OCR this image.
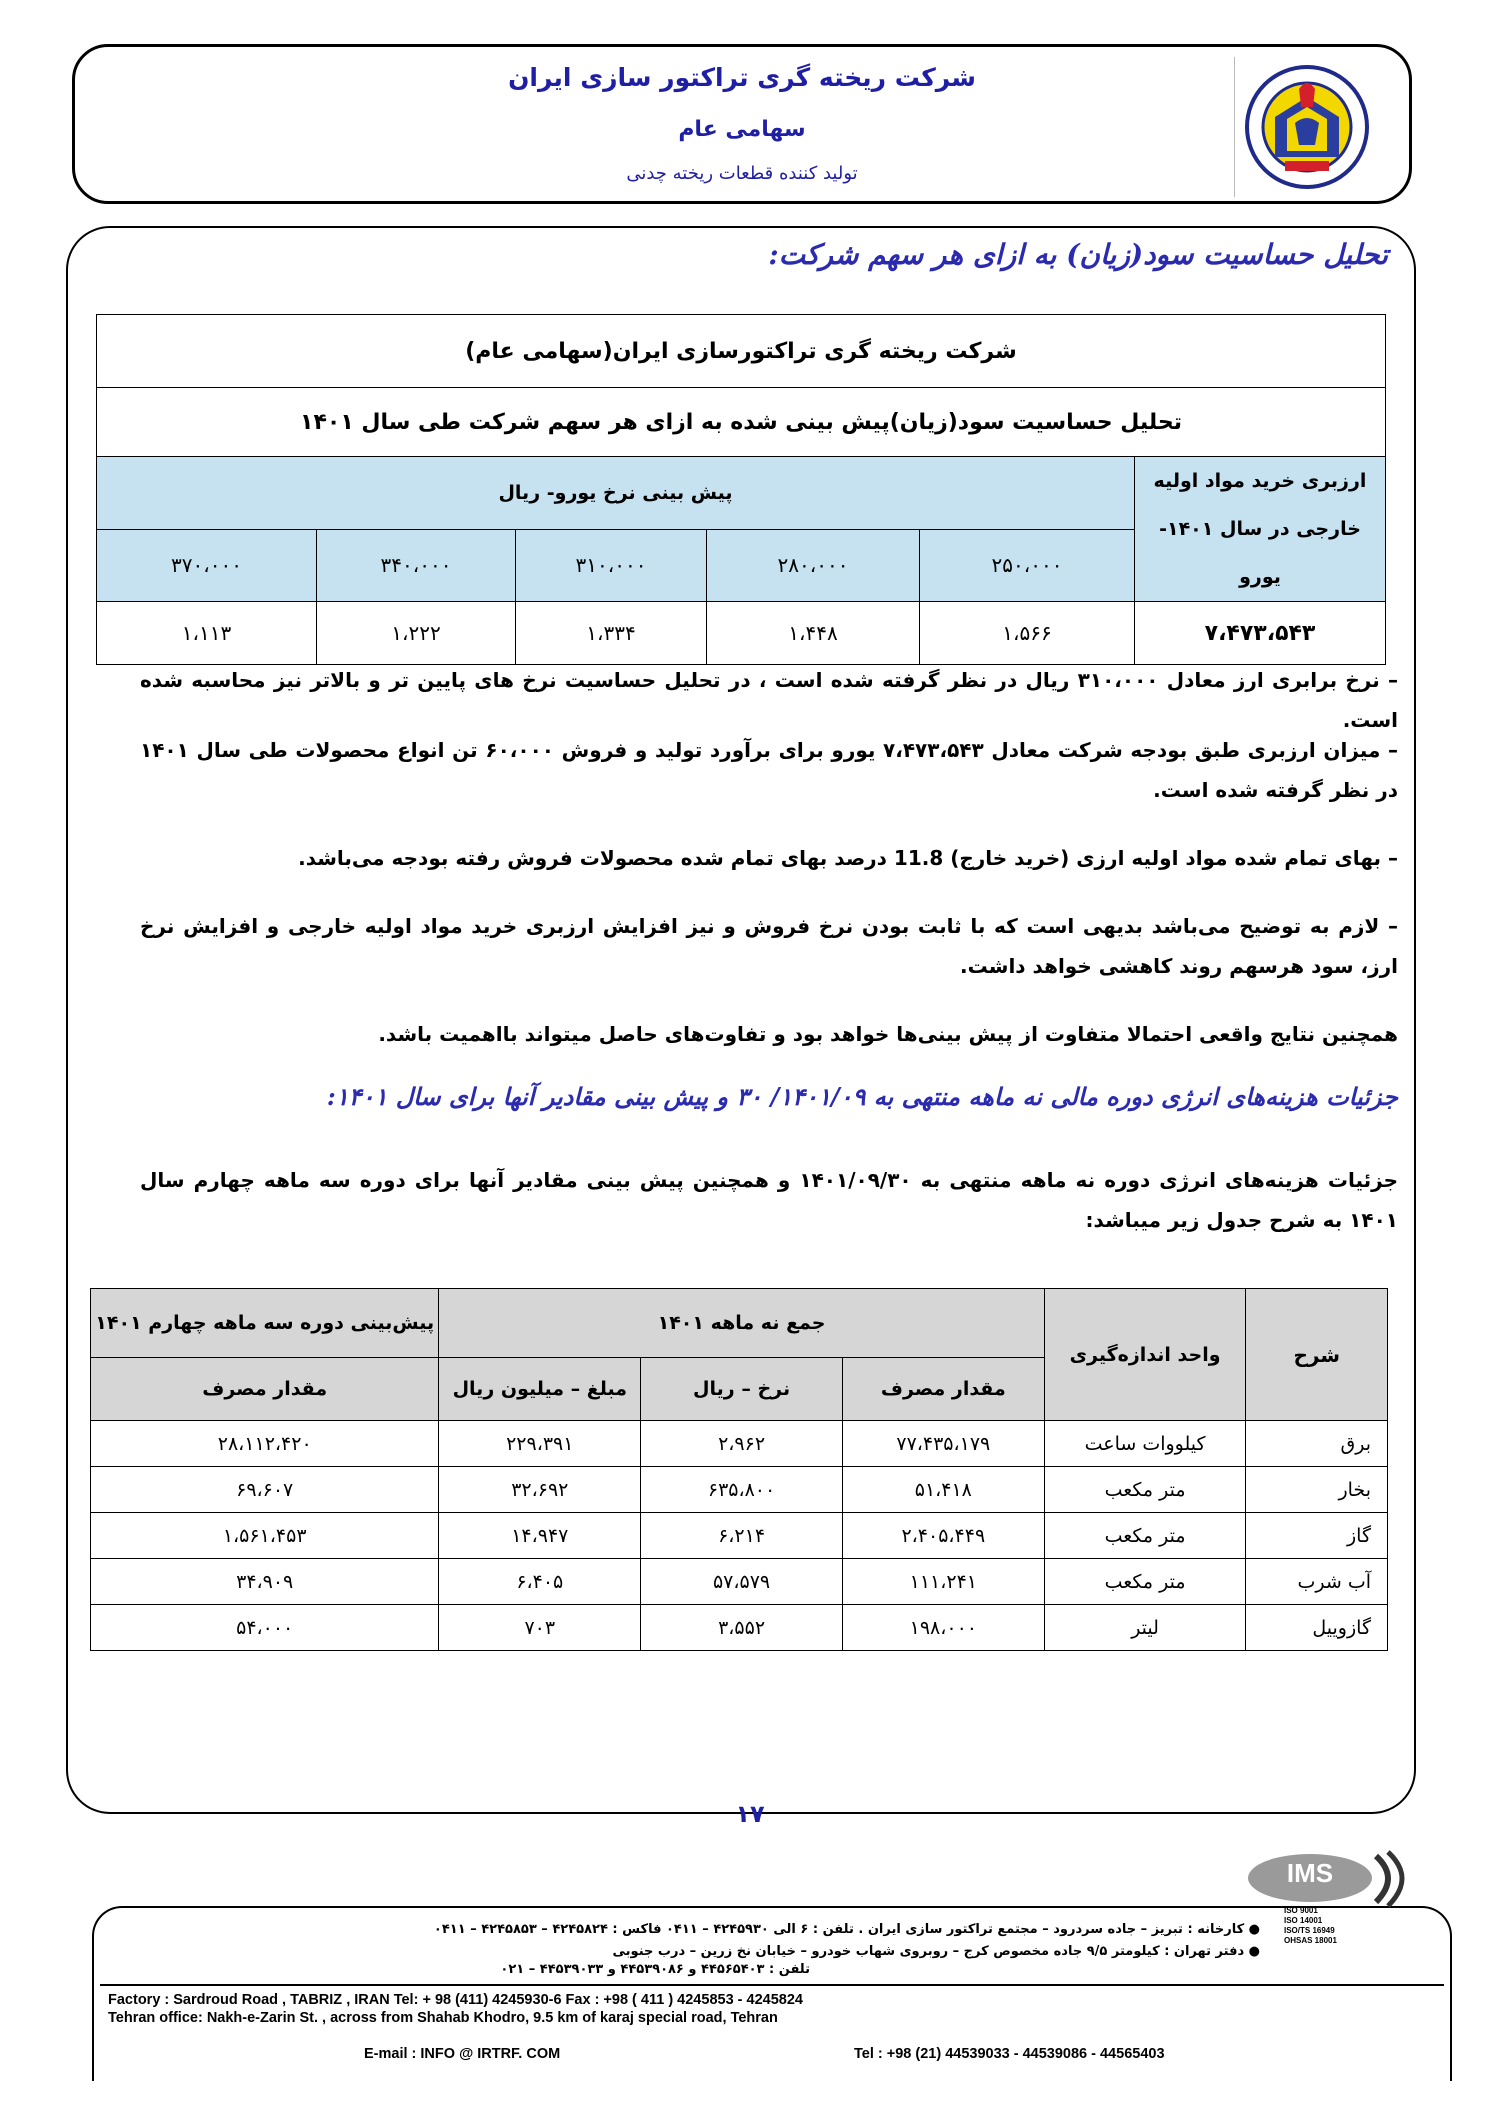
شرکت ریخته گری تراکتور سازی ایران
سهامی عام
تولید کننده قطعات ریخته چدنی
تحلیل حساسیت سود(زیان) به ازای هر سهم شرکت:
شرکت ریخته گری تراکتورسازی ایران(سهامی عام)					
تحلیل حساسیت سود(زیان)پیش بینی شده به ازای هر سهم شرکت طی سال ۱۴۰۱					

ارزبری خرید مواد اولیه
خارجی در سال ۱۴۰۱- یورو	پیش بینی نرخ یورو- ریال				
	۲۵۰،۰۰۰	۲۸۰،۰۰۰	۳۱۰،۰۰۰	۳۴۰،۰۰۰	۳۷۰،۰۰۰
۷،۴۷۳،۵۴۳	۱،۵۶۶	۱،۴۴۸	۱،۳۳۴	۱،۲۲۲	۱،۱۱۳
– نرخ برابری ارز معادل ۳۱۰،۰۰۰ ریال در نظر گرفته شده است ، در تحلیل حساسیت نرخ های پایین تر و بالاتر نیز محاسبه شده است.
– میزان ارزبری طبق بودجه شرکت معادل ۷،۴۷۳،۵۴۳ یورو برای برآورد تولید و فروش ۶۰،۰۰۰ تن انواع محصولات طی سال ۱۴۰۱ در نظر گرفته شده است.
– بهای تمام شده مواد اولیه ارزی (خرید خارج) 11.8 درصد بهای تمام شده محصولات فروش رفته بودجه می‌باشد.
– لازم به توضیح می‌باشد بدیهی است که با ثابت بودن نرخ فروش و نیز افزایش ارزبری خرید مواد اولیه خارجی و افزایش نرخ ارز، سود هرسهم روند کاهشی خواهد داشت.
همچنین نتایج واقعی احتمالا متفاوت از پیش بینی‌ها خواهد بود و تفاوت‌های حاصل میتواند بااهمیت باشد.
جزئیات هزینه‌های انرژی دوره مالی نه ماهه منتهی به ۱۴۰۱/۰۹/ ۳۰ و پیش بینی مقادیر آنها برای سال ۱۴۰۱:
جزئیات هزینه‌های انرژی دوره نه ماهه منتهی به ۱۴۰۱/۰۹/۳۰ و همچنین پیش بینی مقادیر آنها برای دوره سه ماهه چهارم سال ۱۴۰۱ به شرح جدول زیر میباشد:
شرح	واحد اندازه‌گیری	جمع نه ماهه ۱۴۰۱			پیش‌بینی دوره سه ماهه چهارم ۱۴۰۱
		مقدار مصرف	نرخ – ریال	مبلغ – میلیون ریال	مقدار مصرف
برق	کیلووات ساعت	۷۷،۴۳۵،۱۷۹	۲،۹۶۲	۲۲۹،۳۹۱	۲۸،۱۱۲،۴۲۰
بخار	متر مکعب	۵۱،۴۱۸	۶۳۵،۸۰۰	۳۲،۶۹۲	۶۹،۶۰۷
گاز	متر مکعب	۲،۴۰۵،۴۴۹	۶،۲۱۴	۱۴،۹۴۷	۱،۵۶۱،۴۵۳
آب شرب	متر مکعب	۱۱۱،۲۴۱	۵۷،۵۷۹	۶،۴۰۵	۳۴،۹۰۹
گازوییل	لیتر	۱۹۸،۰۰۰	۳،۵۵۲	۷۰۳	۵۴،۰۰۰
۱۷
● کارخانه : تبریز – جاده سردرود – مجتمع تراکتور سازی ایران . تلفن : ۶ الی ۴۲۴۵۹۳۰ – ۰۴۱۱ فاکس : ۴۲۴۵۸۲۴ – ۴۲۴۵۸۵۳ – ۰۴۱۱
● دفتر تهران : کیلومتر ۹/۵ جاده مخصوص کرج – روبروی شهاب خودرو – خیابان نخ زرین – درب جنوبی
تلفن : ۴۴۵۶۵۴۰۳ و ۴۴۵۳۹۰۸۶ و ۴۴۵۳۹۰۳۳ – ۰۲۱
Factory : Sardroud Road , TABRIZ , IRAN Tel: + 98 (411) 4245930-6 Fax : +98 ( 411 ) 4245853 - 4245824
Tehran office: Nakh-e-Zarin St. , across from Shahab Khodro, 9.5 km of karaj special road, Tehran
E-mail : INFO @ IRTRF. COM	Tel : +98 (21) 44539033 - 44539086 - 44565403
IMS
ISO 9001
ISO 14001
ISO/TS 16949
OHSAS 18001
